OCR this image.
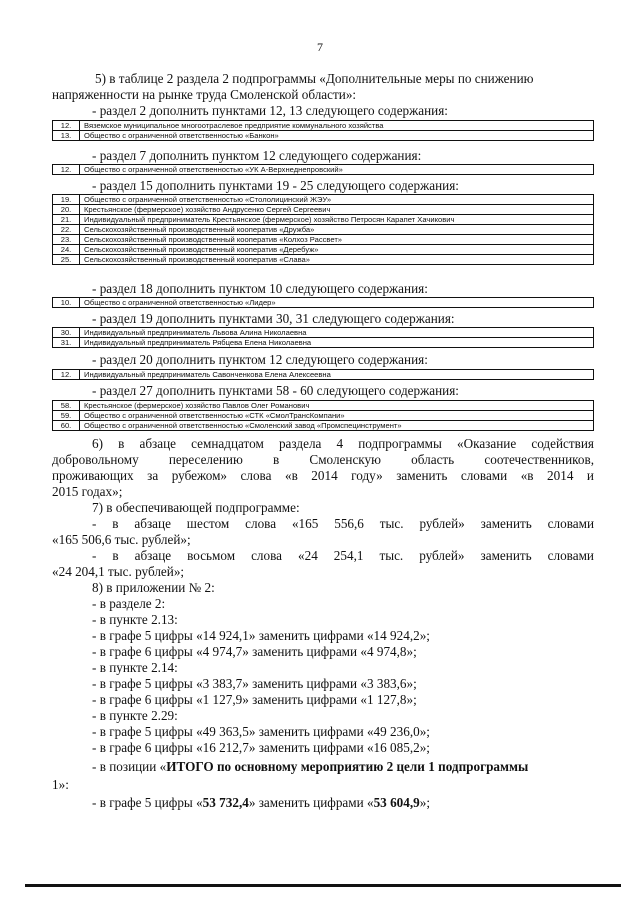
7
5) в таблице 2 раздела 2 подпрограммы «Дополнительные меры по снижению
напряженности на рынке труда Смоленской области»:
- раздел 2 дополнить пунктами 12, 13 следующего содержания:
12.	Вяземское муниципальное многоотраслевое предприятие коммунального хозяйства
13.	Общество с ограниченной ответственностью «Банкон»
- раздел 7 дополнить пунктом 12 следующего содержания:
12.	Общество с ограниченной ответственностью «УК А-Верхнеднепровский»
- раздел 15 дополнить пунктами 19 - 25 следующего содержания:
19.	Общество с ограниченной ответственностью «Стололицинский ЖЭУ»
20.	Крестьянское (фермерское) хозяйство Андрусенко Сергей Сергеевич
21.	Индивидуальный предприниматель Крестьянское (фермерское) хозяйство Петросян Карапет Хачикович
22.	Сельскохозяйственный производственный кооператив «Дружба»
23.	Сельскохозяйственный производственный кооператив «Колхоз Рассвет»
24.	Сельскохозяйственный производственный кооператив «Деребуж»
25.	Сельскохозяйственный производственный кооператив «Слава»
- раздел 18 дополнить пунктом 10 следующего содержания:
10.	Общество с ограниченной ответственностью «Лидер»
- раздел 19 дополнить пунктами 30, 31 следующего содержания:
30.	Индивидуальный предприниматель Львова Алина Николаевна
31.	Индивидуальный предприниматель Рябцева Елена Николаевна
- раздел 20 дополнить пунктом 12 следующего содержания:
12.	Индивидуальный предприниматель Савонченкова Елена Алексеевна
- раздел 27 дополнить пунктами 58 - 60 следующего содержания:
58.	Крестьянское (фермерское) хозяйство Павлов Олег Романович
59.	Общество с ограниченной ответственностью «СТК «СмолТрансКомпани»
60.	Общество с ограниченной ответственностью «Смоленский завод «Промспецинструмент»
6) в абзаце семнадцатом раздела 4 подпрограммы «Оказание содействия
добровольному переселению в Смоленскую область соотечественников,
проживающих за рубежом» слова «в 2014 году» заменить словами «в 2014 и
2015 годах»;
7) в обеспечивающей подпрограмме:
- в абзаце шестом слова «165 556,6 тыс. рублей» заменить словами
«165 506,6 тыс. рублей»;
- в абзаце восьмом слова «24 254,1 тыс. рублей» заменить словами
«24 204,1 тыс. рублей»;
8) в приложении № 2:
- в разделе 2:
- в пункте 2.13:
- в графе 5 цифры «14 924,1» заменить цифрами «14 924,2»;
- в графе 6 цифры «4 974,7» заменить цифрами «4 974,8»;
- в пункте 2.14:
- в графе 5 цифры «3 383,7» заменить цифрами «3 383,6»;
- в графе 6 цифры «1 127,9» заменить цифрами «1 127,8»;
- в пункте 2.29:
- в графе 5 цифры «49 363,5» заменить цифрами «49 236,0»;
- в графе 6 цифры «16 212,7» заменить цифрами «16 085,2»;
- в позиции «ИТОГО по основному мероприятию 2 цели 1 подпрограммы
1»:
- в графе 5 цифры «53 732,4» заменить цифрами «53 604,9»;
